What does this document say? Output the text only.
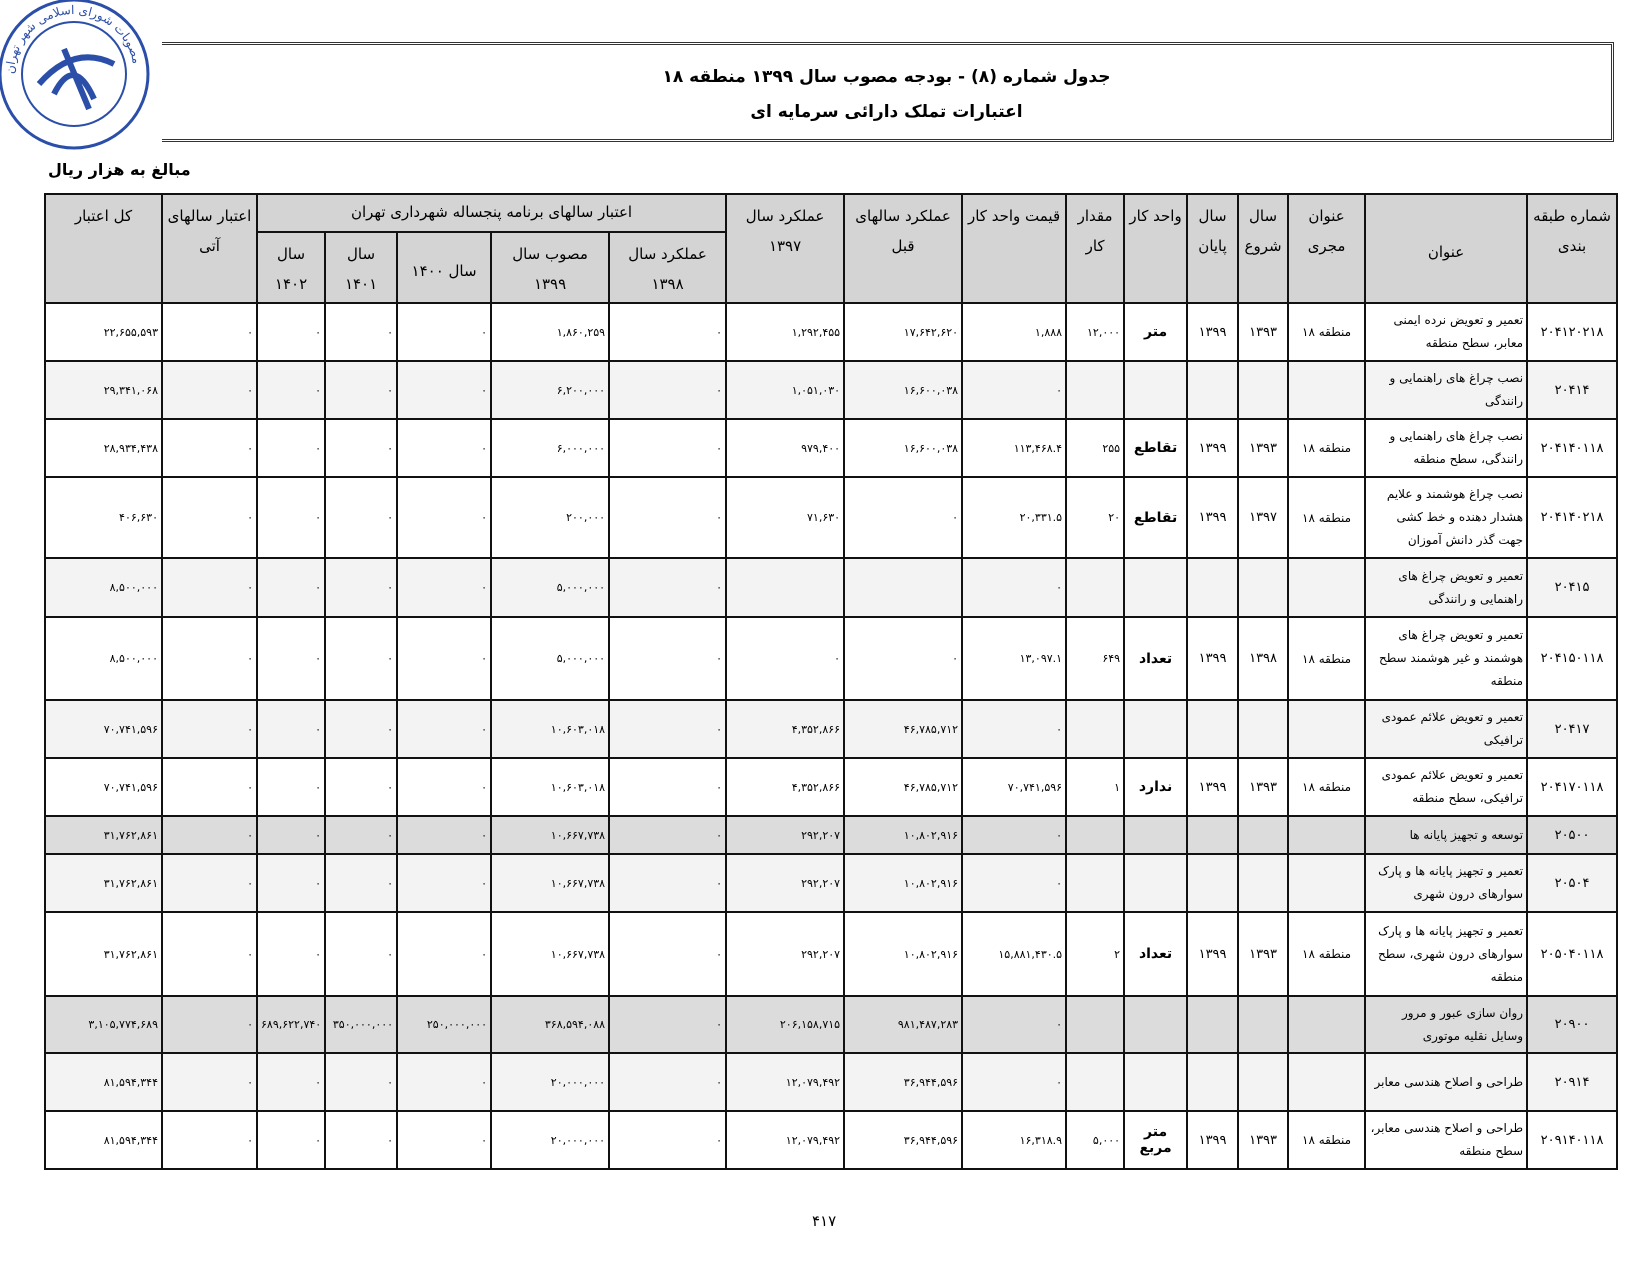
مصوبات شورای اسلامی شهر تهران
جدول شماره (۸) - بودجه مصوب سال ۱۳۹۹ منطقه ۱۸
اعتبارات تملک دارائی سرمایه ای
مبالغ به هزار ریال
شماره طبقه بندی	عنوان	عنوان مجری	سال شروع	سال پایان	واحد کار	مقدار کار	قیمت واحد کار	عملکرد سالهای قبل	عملکرد سال ۱۳۹۷	اعتبار سالهای برنامه پنجساله شهرداری تهران					اعتبار سالهای آتی	کل اعتبار
										عملکرد سال ۱۳۹۸	مصوب سال ۱۳۹۹	سال ۱۴۰۰	سال ۱۴۰۱	سال ۱۴۰۲		
۲۰۴۱۲۰۲۱۸	تعمیر و تعویض نرده ایمنی معابر، سطح منطقه	منطقه ۱۸	۱۳۹۳	۱۳۹۹	متر	۱۲,۰۰۰	۱,۸۸۸	۱۷,۶۴۲,۶۲۰	۱,۲۹۲,۴۵۵	۰	۱,۸۶۰,۲۵۹	۰	۰	۰	۰	۲۲,۶۵۵,۵۹۳
۲۰۴۱۴	نصب چراغ های راهنمایی و رانندگی						۰	۱۶,۶۰۰,۰۳۸	۱,۰۵۱,۰۳۰	۰	۶,۲۰۰,۰۰۰	۰	۰	۰	۰	۲۹,۳۴۱,۰۶۸
۲۰۴۱۴۰۱۱۸	نصب چراغ های راهنمایی و رانندگی، سطح منطقه	منطقه ۱۸	۱۳۹۳	۱۳۹۹	تقاطع	۲۵۵	۱۱۳,۴۶۸.۴	۱۶,۶۰۰,۰۳۸	۹۷۹,۴۰۰	۰	۶,۰۰۰,۰۰۰	۰	۰	۰	۰	۲۸,۹۳۴,۴۳۸
۲۰۴۱۴۰۲۱۸	نصب چراغ هوشمند و علایم هشدار دهنده و خط کشی جهت گذر دانش آموزان	منطقه ۱۸	۱۳۹۷	۱۳۹۹	تقاطع	۲۰	۲۰,۳۳۱.۵	۰	۷۱,۶۳۰	۰	۲۰۰,۰۰۰	۰	۰	۰	۰	۴۰۶,۶۳۰
۲۰۴۱۵	تعمیر و تعویض چراغ های راهنمایی و رانندگی						۰			۰	۵,۰۰۰,۰۰۰	۰	۰	۰	۰	۸,۵۰۰,۰۰۰
۲۰۴۱۵۰۱۱۸	تعمیر و تعویض چراغ های هوشمند و غیر هوشمند سطح منطقه	منطقه ۱۸	۱۳۹۸	۱۳۹۹	تعداد	۶۴۹	۱۳,۰۹۷.۱	۰	۰	۰	۵,۰۰۰,۰۰۰	۰	۰	۰	۰	۸,۵۰۰,۰۰۰
۲۰۴۱۷	تعمیر و تعویض علائم عمودی ترافیکی						۰	۴۶,۷۸۵,۷۱۲	۴,۳۵۲,۸۶۶	۰	۱۰,۶۰۳,۰۱۸	۰	۰	۰	۰	۷۰,۷۴۱,۵۹۶
۲۰۴۱۷۰۱۱۸	تعمیر و تعویض علائم عمودی ترافیکی، سطح منطقه	منطقه ۱۸	۱۳۹۳	۱۳۹۹	ندارد	۱	۷۰,۷۴۱,۵۹۶	۴۶,۷۸۵,۷۱۲	۴,۳۵۲,۸۶۶	۰	۱۰,۶۰۳,۰۱۸	۰	۰	۰	۰	۷۰,۷۴۱,۵۹۶
۲۰۵۰۰	توسعه و تجهیز پایانه ها						۰	۱۰,۸۰۲,۹۱۶	۲۹۲,۲۰۷	۰	۱۰,۶۶۷,۷۳۸	۰	۰	۰	۰	۳۱,۷۶۲,۸۶۱
۲۰۵۰۴	تعمیر و تجهیز پایانه ها و پارک سوارهای درون شهری						۰	۱۰,۸۰۲,۹۱۶	۲۹۲,۲۰۷	۰	۱۰,۶۶۷,۷۳۸	۰	۰	۰	۰	۳۱,۷۶۲,۸۶۱
۲۰۵۰۴۰۱۱۸	تعمیر و تجهیز پایانه ها و پارک سوارهای درون شهری، سطح منطقه	منطقه ۱۸	۱۳۹۳	۱۳۹۹	تعداد	۲	۱۵,۸۸۱,۴۳۰.۵	۱۰,۸۰۲,۹۱۶	۲۹۲,۲۰۷	۰	۱۰,۶۶۷,۷۳۸	۰	۰	۰	۰	۳۱,۷۶۲,۸۶۱
۲۰۹۰۰	روان سازی عبور و مرور وسایل نقلیه موتوری						۰	۹۸۱,۴۸۷,۲۸۳	۲۰۶,۱۵۸,۷۱۵	۰	۳۶۸,۵۹۴,۰۸۸	۲۵۰,۰۰۰,۰۰۰	۳۵۰,۰۰۰,۰۰۰	۶۸۹,۶۲۲,۷۴۰	۰	۳,۱۰۵,۷۷۴,۶۸۹
۲۰۹۱۴	طراحی و اصلاح هندسی معابر						۰	۳۶,۹۴۴,۵۹۶	۱۲,۰۷۹,۴۹۲	۰	۲۰,۰۰۰,۰۰۰	۰	۰	۰	۰	۸۱,۵۹۴,۳۴۴
۲۰۹۱۴۰۱۱۸	طراحی و اصلاح هندسی معابر، سطح منطقه	منطقه ۱۸	۱۳۹۳	۱۳۹۹	متر مربع	۵,۰۰۰	۱۶,۳۱۸.۹	۳۶,۹۴۴,۵۹۶	۱۲,۰۷۹,۴۹۲	۰	۲۰,۰۰۰,۰۰۰	۰	۰	۰	۰	۸۱,۵۹۴,۳۴۴
۴۱۷
